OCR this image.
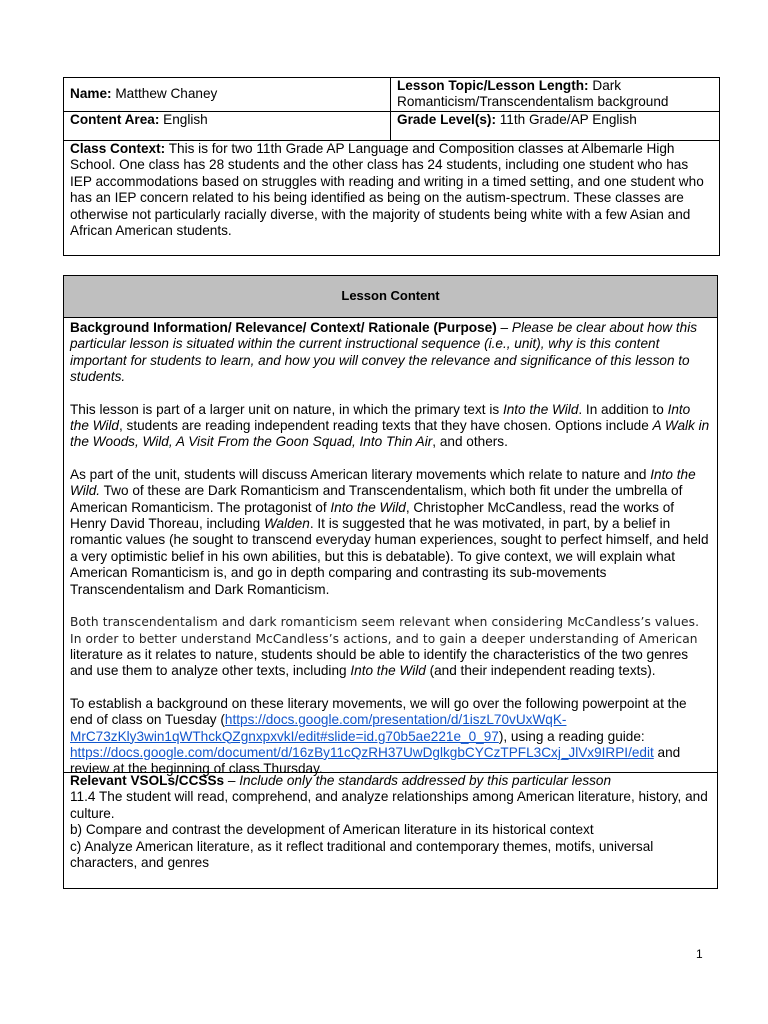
Name: Matthew Chaney	Lesson Topic/Lesson Length: Dark
Romanticism/Transcendentalism background
Content Area: English	Grade Level(s): 11th Grade/AP English
Class Context: This is for two 11th Grade AP Language and Composition classes at Albemarle High School. One class has 28 students and the other class has 24 students, including one student who has IEP accommodations based on struggles with reading and writing in a timed setting, and one student who has an IEP concern related to his being identified as being on the autism-spectrum. These classes are otherwise not particularly racially diverse, with the majority of students being white with a few Asian and African American students.	
Lesson Content

Background Information/ Relevance/ Context/ Rationale (Purpose) – Please be clear about how this particular lesson is situated within the current instructional sequence (i.e., unit), why is this content important for students to learn, and how you will convey the relevance and significance of this lesson to students.

This lesson is part of a larger unit on nature, in which the primary text is Into the Wild. In addition to Into the Wild, students are reading independent reading texts that they have chosen. Options include A Walk in the Woods, Wild, A Visit From the Goon Squad, Into Thin Air, and others.

As part of the unit, students will discuss American literary movements which relate to nature and Into the Wild. Two of these are Dark Romanticism and Transcendentalism, which both fit under the umbrella of American Romanticism. The protagonist of Into the Wild, Christopher McCandless, read the works of Henry David Thoreau, including Walden. It is suggested that he was motivated, in part, by a belief in romantic values (he sought to transcend everyday human experiences, sought to perfect himself, and held a very optimistic belief in his own abilities, but this is debatable). To give context, we will explain what American Romanticism is, and go in depth comparing and contrasting its sub-movements Transcendentalism and Dark Romanticism.

Both transcendentalism and dark romanticism seem relevant when considering McCandless’s values. In order to better understand McCandless’s actions, and to gain a deeper understanding of American literature as it relates to nature, students should be able to identify the characteristics of the two genres and use them to analyze other texts, including Into the Wild (and their independent reading texts).

To establish a background on these literary movements, we will go over the following powerpoint at the end of class on Tuesday (https://docs.google.com/presentation/d/1iszL70vUxWqK-MrC73zKly3win1qWThckQZgnxpxvkI/edit#slide=id.g70b5ae221e_0_97), using a reading guide: https://docs.google.com/document/d/16zBy11cQzRH37UwDglkgbCYCzTPFL3Cxj_JlVx9IRPI/edit and review at the beginning of class Thursday.

Relevant VSOLs/CCSSs – Include only the standards addressed by this particular lesson

11.4 The student will read, comprehend, and analyze relationships among American literature, history, and culture.

b) Compare and contrast the development of American literature in its historical context

c) Analyze American literature, as it reflect traditional and contemporary themes, motifs, universal characters, and genres

1
